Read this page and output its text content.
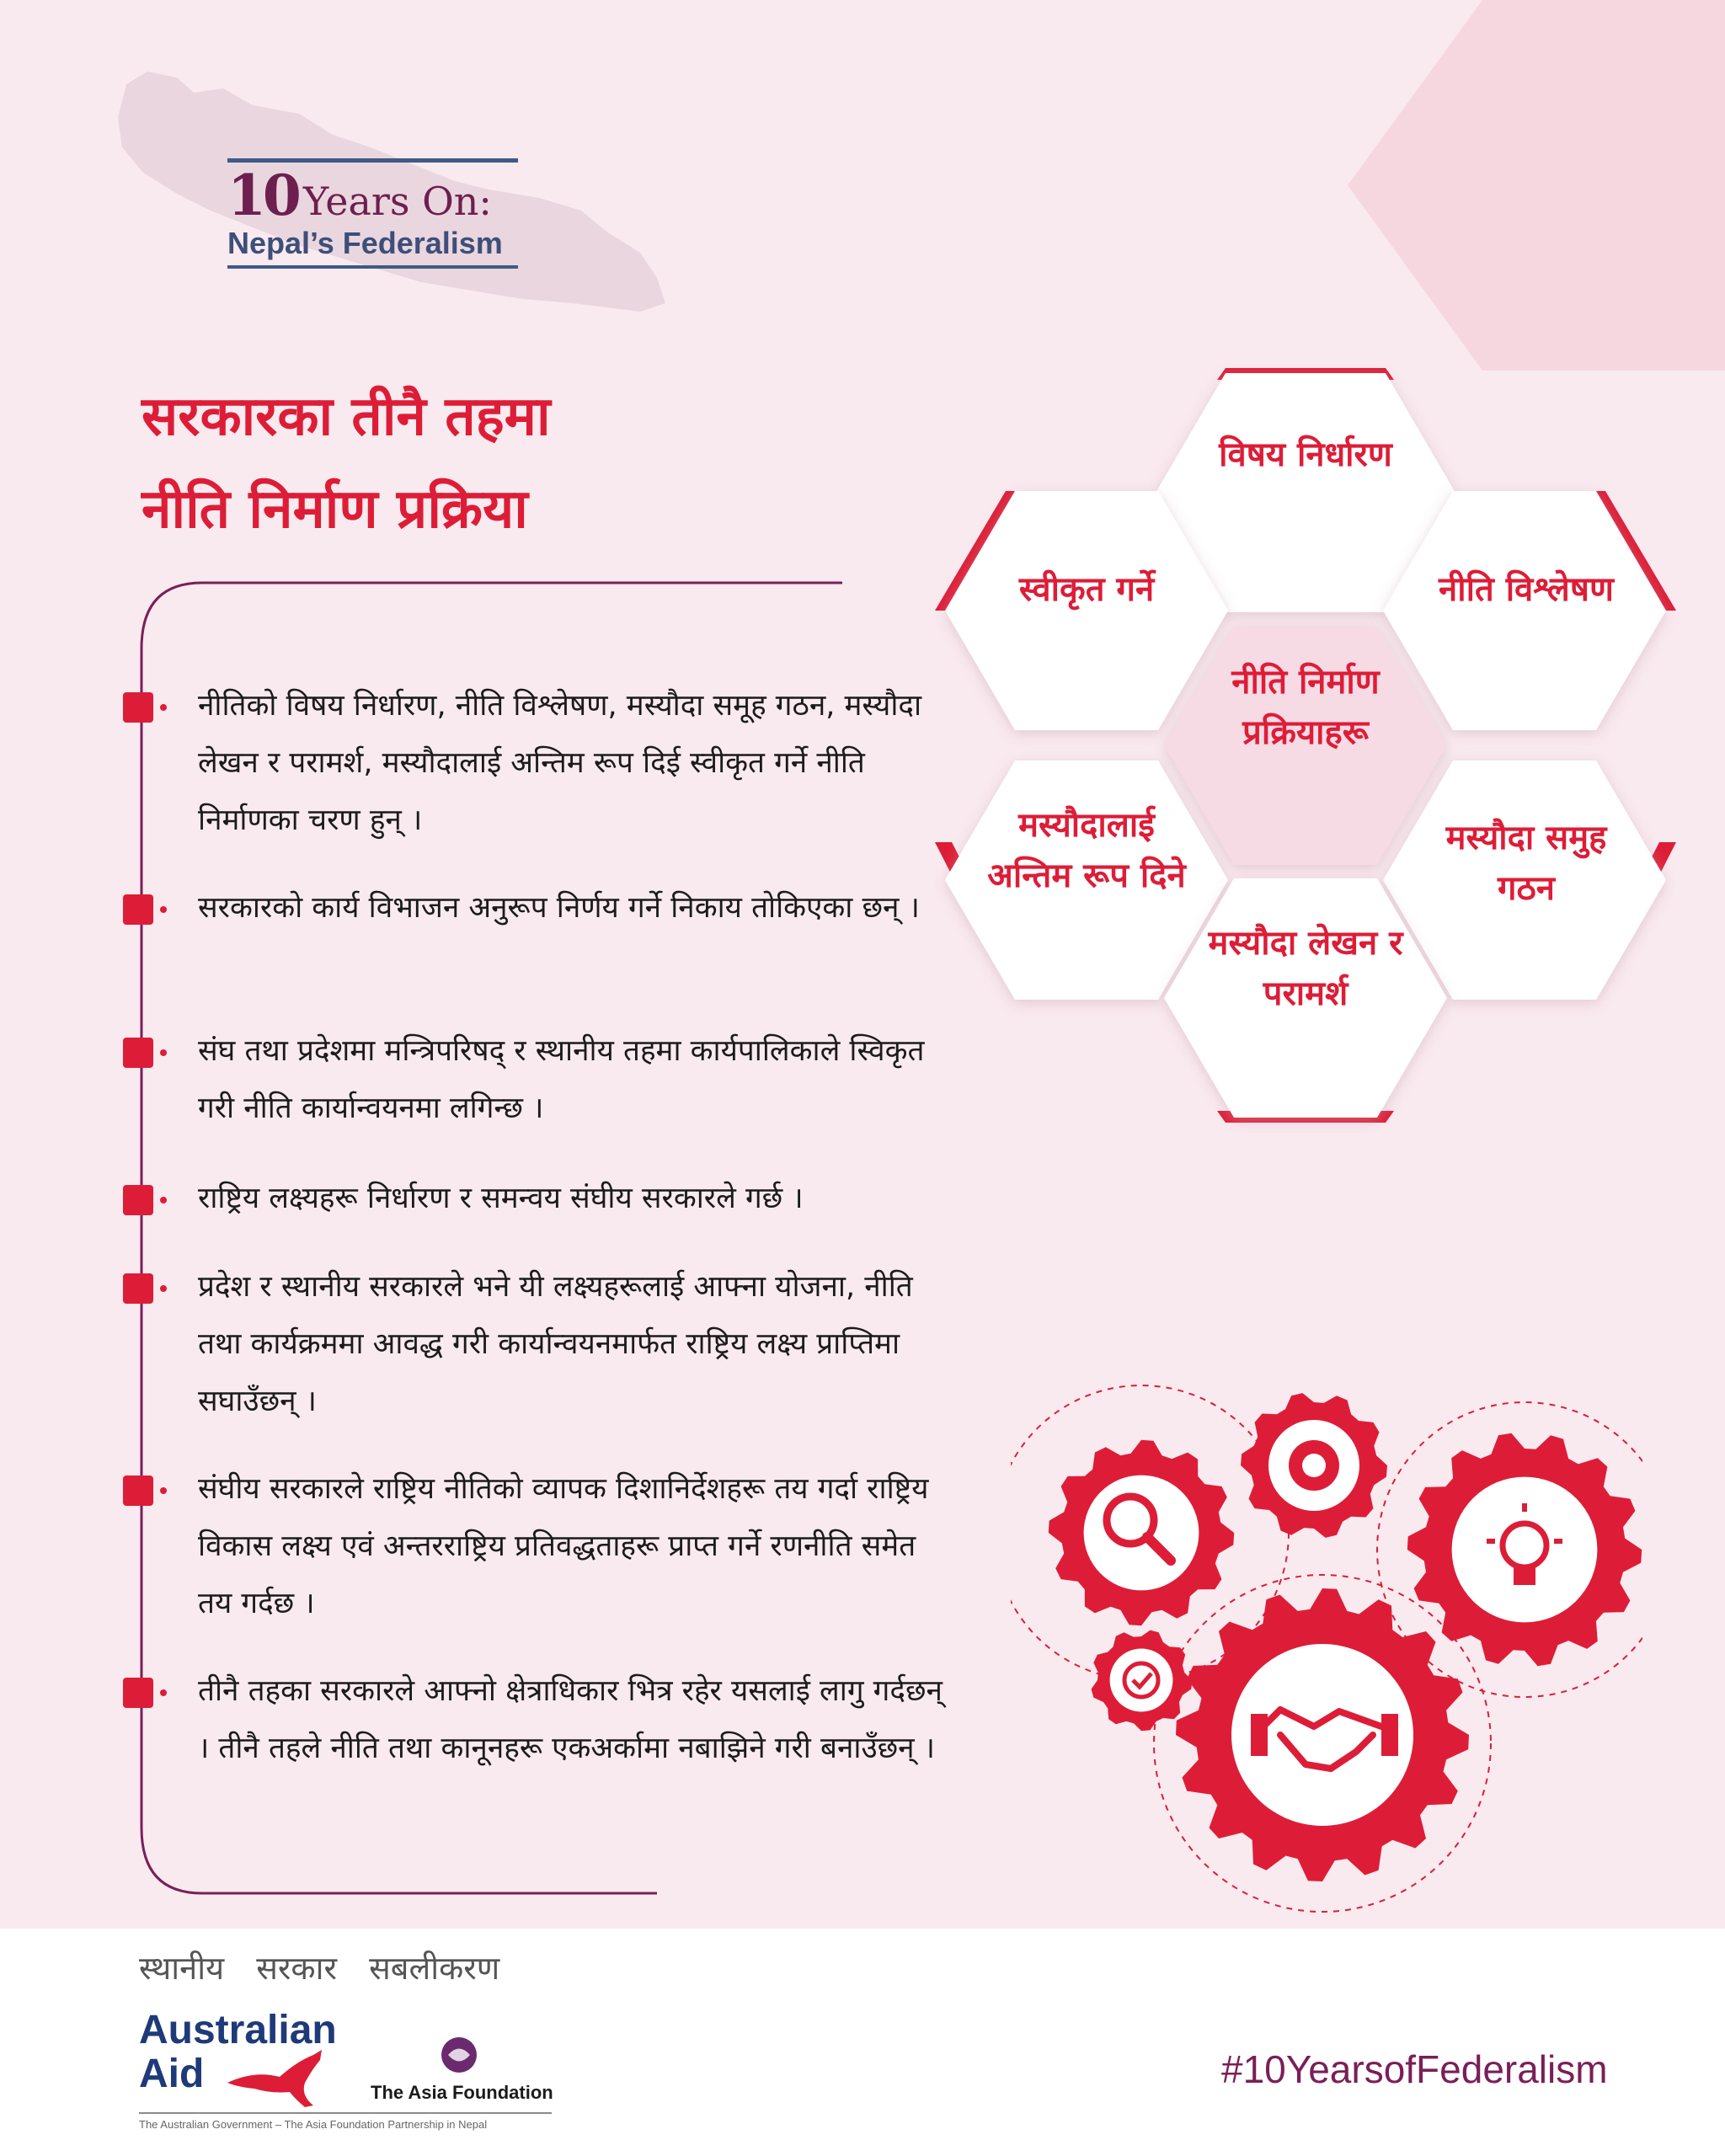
10 Years On:
Nepal’s Federalism
सरकारका तीनै तहमा
नीति निर्माण प्रक्रिया
नीतिको विषय निर्धारण, नीति विश्लेषण, मस्यौदा समूह गठन, मस्यौदा लेखन र परामर्श, मस्यौदालाई अन्तिम रूप दिई स्वीकृत गर्ने नीति निर्माणका चरण हुन् ।
सरकारको कार्य विभाजन अनुरूप निर्णय गर्ने निकाय तोकिएका छन् ।
संघ तथा प्रदेशमा मन्त्रिपरिषद् र स्थानीय तहमा कार्यपालिकाले स्विकृत गरी नीति कार्यान्वयनमा लगिन्छ ।
राष्ट्रिय लक्ष्यहरू निर्धारण र समन्वय संघीय सरकारले गर्छ ।
प्रदेश र स्थानीय सरकारले भने यी लक्ष्यहरूलाई आफ्ना योजना, नीति तथा कार्यक्रममा आवद्ध गरी कार्यान्वयनमार्फत राष्ट्रिय लक्ष्य प्राप्तिमा सघाउँछन् ।
संघीय सरकारले राष्ट्रिय नीतिको व्यापक दिशानिर्देशहरू तय गर्दा राष्ट्रिय विकास लक्ष्य एवं अन्तरराष्ट्रिय प्रतिवद्धताहरू प्राप्त गर्ने रणनीति समेत तय गर्दछ ।
तीनै तहका सरकारले आफ्नो क्षेत्राधिकार भित्र रहेर यसलाई लागु गर्दछन् । तीनै तहले नीति तथा कानूनहरू एकअर्कामा नबाझिने गरी बनाउँछन् ।
विषय निर्धारण
स्वीकृत गर्ने	नीति विश्लेषण
नीति निर्माण प्रक्रियाहरू
मस्यौदालाई अन्तिम रूप दिने
मस्यौदा समुह गठन
मस्यौदा लेखन र परामर्श
स्थानीय सरकार सबलीकरण
Australian
Aid	The Asia Foundation
The Australian Government – The Asia Foundation Partnership in Nepal
#10YearsofFederalism
